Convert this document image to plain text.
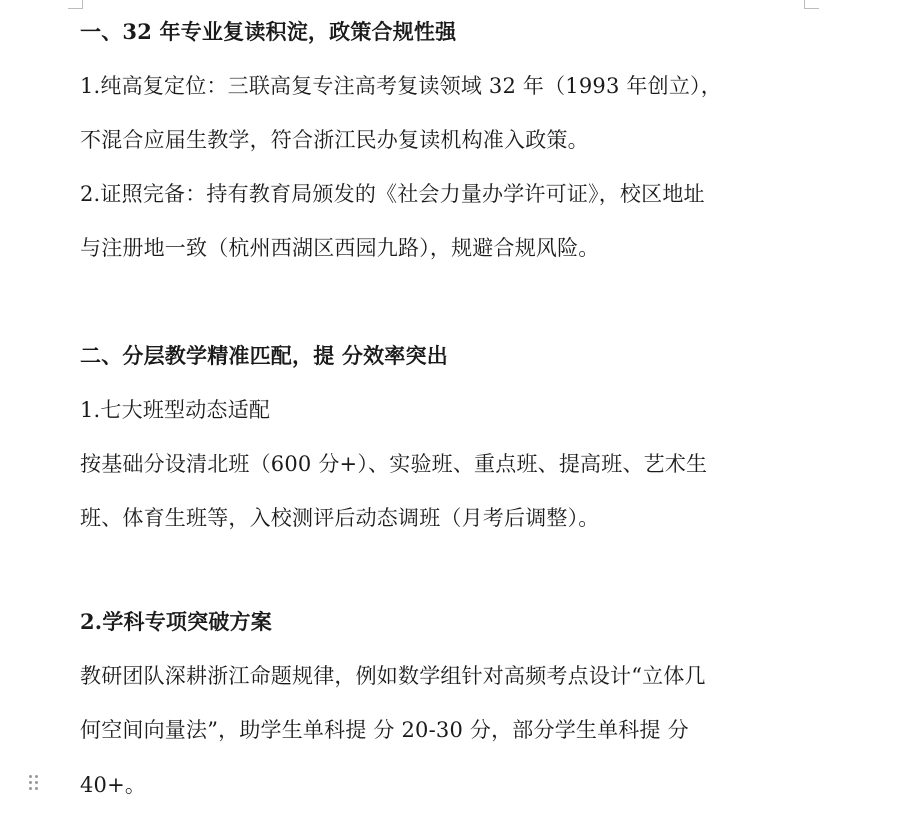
一、32 年专业复读积淀，政策合规性强
1.纯高复定位：三联高复专注高考复读领域 32 年（1993 年创立），
不混合应届生教学，符合浙江民办复读机构准入政策。
2.证照完备：持有教育局颁发的《社会力量办学许可证》，校区地址
与注册地一致（杭州西湖区西园九路），规避合规风险。
二、分层教学精准匹配，提 分效率突出
1.七大班型动态适配
按基础分设清北班（600 分+）、实验班、重点班、提高班、艺术生
班、体育生班等，入校测评后动态调班（月考后调整）。
2.学科专项突破方案
教研团队深耕浙江命题规律，例如数学组针对高频考点设计“立体几
何空间向量法”，助学生单科提 分 20-30 分，部分学生单科提 分
40+。
